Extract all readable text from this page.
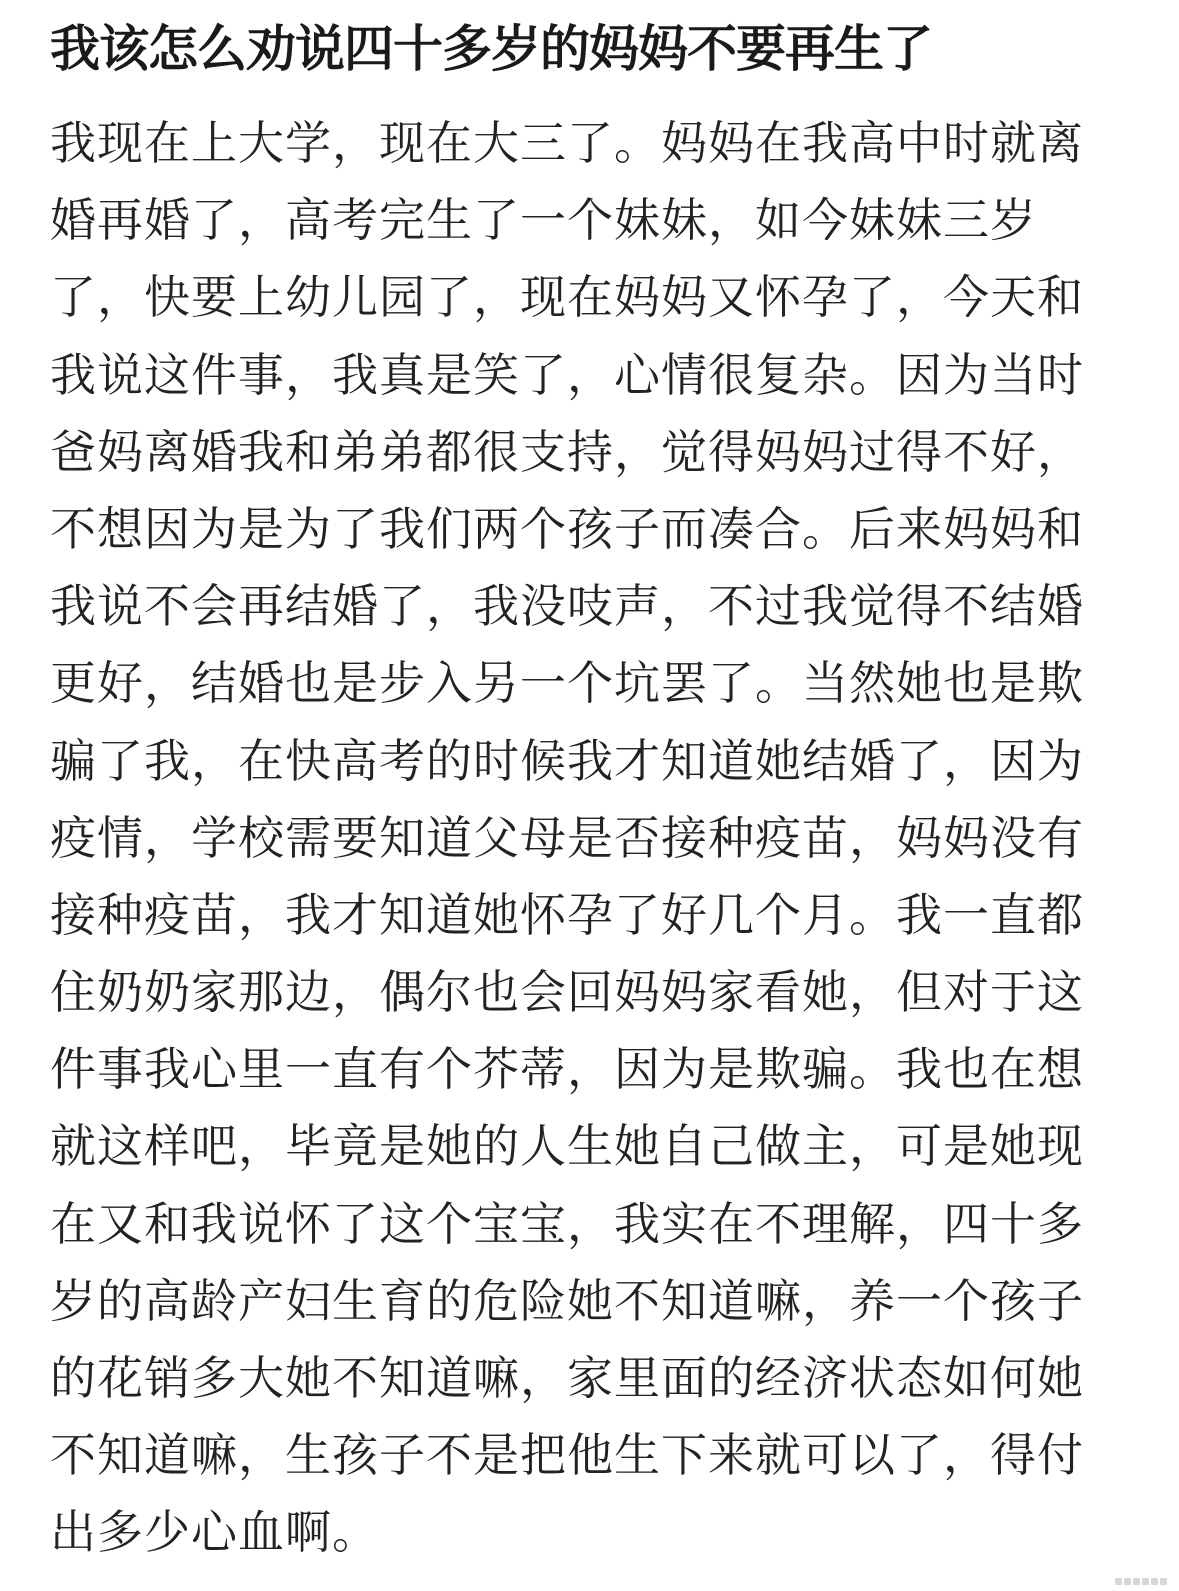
我该怎么劝说四十多岁的妈妈不要再生了
我现在上大学，现在大三了。妈妈在我高中时就离
婚再婚了，高考完生了一个妹妹，如今妹妹三岁
了，快要上幼儿园了，现在妈妈又怀孕了，今天和
我说这件事，我真是笑了，心情很复杂。因为当时
爸妈离婚我和弟弟都很支持，觉得妈妈过得不好，
不想因为是为了我们两个孩子而凑合。后来妈妈和
我说不会再结婚了，我没吱声，不过我觉得不结婚
更好，结婚也是步入另一个坑罢了。当然她也是欺
骗了我，在快高考的时候我才知道她结婚了，因为
疫情，学校需要知道父母是否接种疫苗，妈妈没有
接种疫苗，我才知道她怀孕了好几个月。我一直都
住奶奶家那边，偶尔也会回妈妈家看她，但对于这
件事我心里一直有个芥蒂，因为是欺骗。我也在想
就这样吧，毕竟是她的人生她自己做主，可是她现
在又和我说怀了这个宝宝，我实在不理解，四十多
岁的高龄产妇生育的危险她不知道嘛，养一个孩子
的花销多大她不知道嘛，家里面的经济状态如何她
不知道嘛，生孩子不是把他生下来就可以了，得付
出多少心血啊。
